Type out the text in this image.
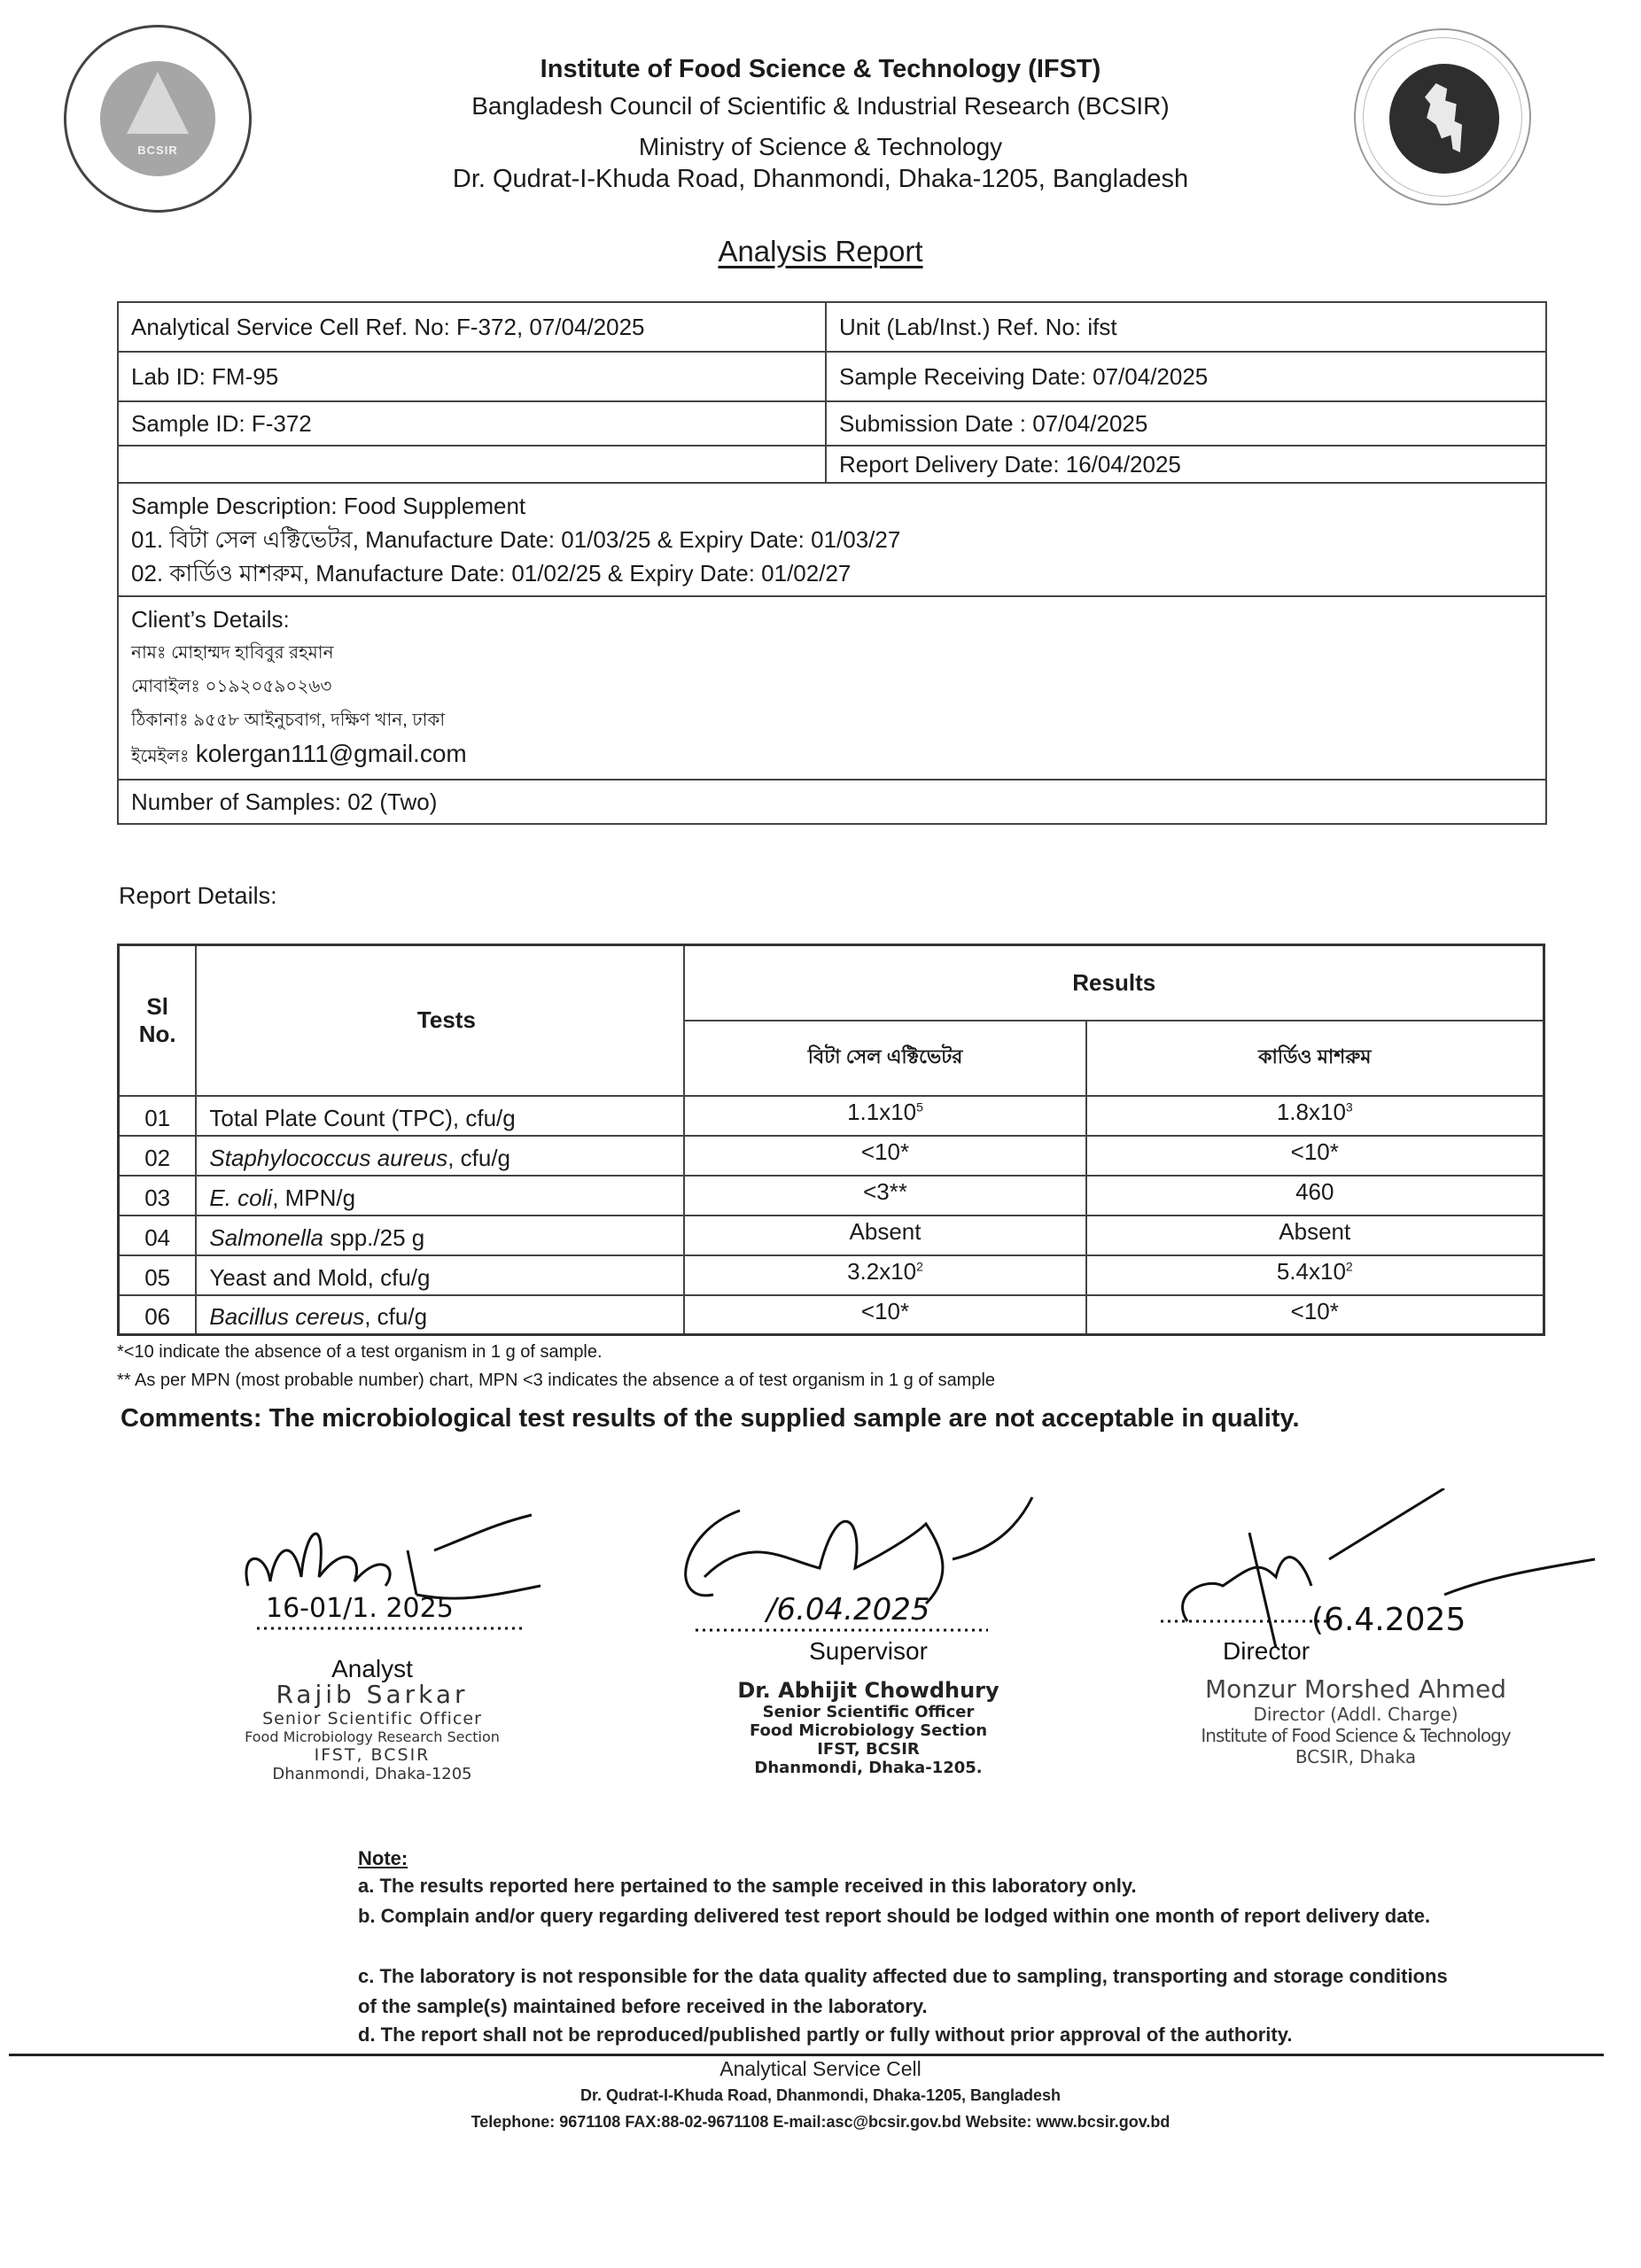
BCSIR
Institute of Food Science & Technology (IFST)
Bangladesh Council of Scientific & Industrial Research (BCSIR)
Ministry of Science & Technology
Dr. Qudrat-I-Khuda Road, Dhanmondi, Dhaka-1205, Bangladesh
Analysis Report
Analytical Service Cell Ref. No: F-372, 07/04/2025	Unit (Lab/Inst.) Ref. No: ifst
Lab ID: FM-95	Sample Receiving Date: 07/04/2025
Sample ID: F-372	Submission Date : 07/04/2025
	Report Delivery Date: 16/04/2025

Sample Description: Food Supplement
01. বিটা সেল এক্টিভেটর, Manufacture Date: 01/03/25 & Expiry Date: 01/03/27
02. কার্ডিও মাশরুম, Manufacture Date: 01/02/25 & Expiry Date: 01/02/27	

Client’s Details:
নামঃ মোহাম্মদ হাবিবুর রহমান
মোবাইলঃ ০১৯২০৫৯০২৬৩
ঠিকানাঃ ৯৫৫৮ আইনুচবাগ, দক্ষিণ খান, ঢাকা
ইমেইলঃ kolergan111@gmail.com	

Number of Samples: 02 (Two)	
Report Details:
Sl
No.	Tests	Results	
		বিটা সেল এক্টিভেটর	কার্ডিও মাশরুম
01	Total Plate Count (TPC), cfu/g	$1.1x10^5$	$1.8x10^3$
02	Staphylococcus aureus, cfu/g	<10*	<10*
03	E. coli, MPN/g	<3**	460
04	Salmonella spp./25 g	Absent	Absent
05	Yeast and Mold, cfu/g	$3.2x10^2$	$5.4x10^2$
06	Bacillus cereus, cfu/g	<10*	<10*
*<10 indicate the absence of a test organism in 1 g of sample.
** As per MPN (most probable number) chart, MPN <3 indicates the absence a of test organism in 1 g of sample
Comments: The microbiological test results of the supplied sample are not acceptable in quality.
16-01/1. 2025
Analyst
Rajib Sarkar
Senior Scientific Officer
Food Microbiology Research Section
IFST, BCSIR
Dhanmondi, Dhaka-1205
/6.04.2025
Supervisor
Dr. Abhijit Chowdhury
Senior Scientific Officer
Food Microbiology Section
IFST, BCSIR
Dhanmondi, Dhaka-1205.
(6.4.2025
Director
Monzur Morshed Ahmed
Director (Addl. Charge)
Institute of Food Science & Technology
BCSIR, Dhaka
Note:
a. The results reported here pertained to the sample received in this laboratory only.
b. Complain and/or query regarding delivered test report should be lodged within one month of report delivery date.
c. The laboratory is not responsible for the data quality affected due to sampling, transporting and storage conditions of the sample(s) maintained before received in the laboratory.
d. The report shall not be reproduced/published partly or fully without prior approval of the authority.
Analytical Service Cell
Dr. Qudrat-I-Khuda Road, Dhanmondi, Dhaka-1205, Bangladesh
Telephone: 9671108 FAX:88-02-9671108 E-mail:asc@bcsir.gov.bd Website: www.bcsir.gov.bd
